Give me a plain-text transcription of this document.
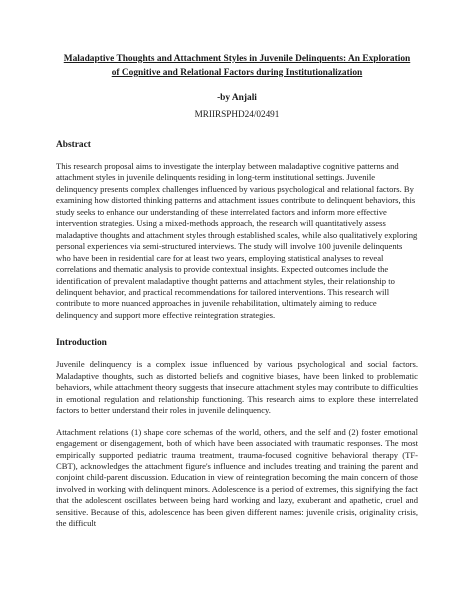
Maladaptive Thoughts and Attachment Styles in Juvenile Delinquents: An Exploration of Cognitive and Relational Factors during Institutionalization
-by Anjali
MRIIRSPHD24/02491
Abstract

This research proposal aims to investigate the interplay between maladaptive cognitive patterns and attachment styles in juvenile delinquents residing in long-term institutional settings. Juvenile delinquency presents complex challenges influenced by various psychological and relational factors. By examining how distorted thinking patterns and attachment issues contribute to delinquent behaviors, this study seeks to enhance our understanding of these interrelated factors and inform more effective intervention strategies. Using a mixed-methods approach, the research will quantitatively assess maladaptive thoughts and attachment styles through established scales, while also qualitatively exploring personal experiences via semi-structured interviews. The study will involve 100 juvenile delinquents who have been in residential care for at least two years, employing statistical analyses to reveal correlations and thematic analysis to provide contextual insights. Expected outcomes include the identification of prevalent maladaptive thought patterns and attachment styles, their relationship to delinquent behavior, and practical recommendations for tailored interventions. This research will contribute to more nuanced approaches in juvenile rehabilitation, ultimately aiming to reduce delinquency and support more effective reintegration strategies.

Introduction

Juvenile delinquency is a complex issue influenced by various psychological and social factors. Maladaptive thoughts, such as distorted beliefs and cognitive biases, have been linked to problematic behaviors, while attachment theory suggests that insecure attachment styles may contribute to difficulties in emotional regulation and relationship functioning. This research aims to explore these interrelated factors to better understand their roles in juvenile delinquency.

Attachment relations (1) shape core schemas of the world, others, and the self and (2) foster emotional engagement or disengagement, both of which have been associated with traumatic responses. The most empirically supported pediatric trauma treatment, trauma-focused cognitive behavioral therapy (TF-CBT), acknowledges the attachment figure's influence and includes treating and training the parent and conjoint child-parent discussion. Education in view of reintegration becoming the main concern of those involved in working with delinquent minors. Adolescence is a period of extremes, this signifying the fact that the adolescent oscillates between being hard working and lazy, exuberant and apathetic, cruel and sensitive. Because of this, adolescence has been given different names: juvenile crisis, originality crisis, the difficult
